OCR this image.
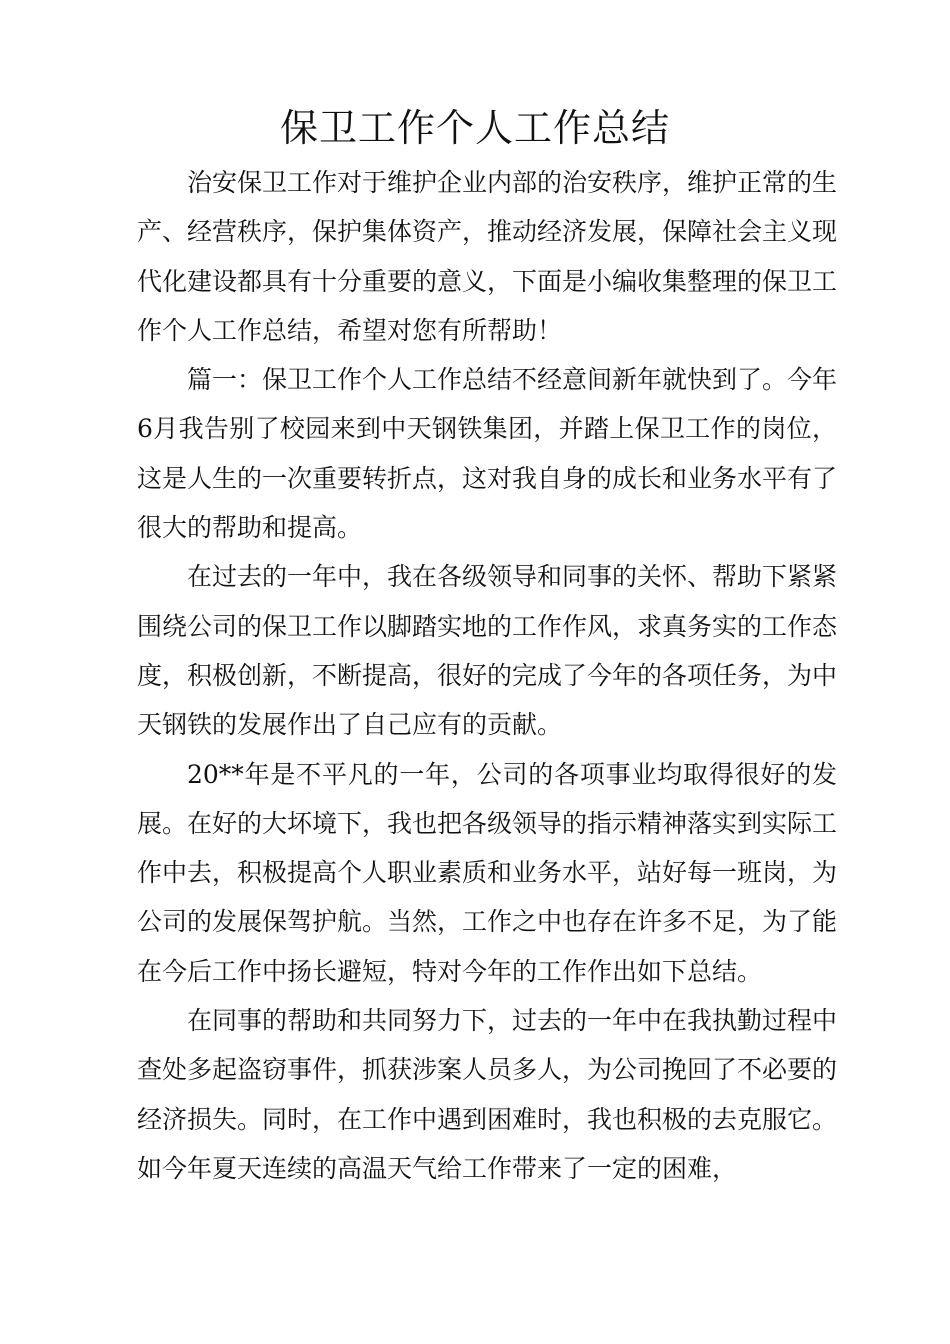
保卫工作个人工作总结

治安保卫工作对于维护企业内部的治安秩序，维护正常的生产、经营秩序，保护集体资产，推动经济发展，保障社会主义现代化建设都具有十分重要的意义，下面是小编收集整理的保卫工作个人工作总结，希望对您有所帮助！

篇一：保卫工作个人工作总结不经意间新年就快到了。今年6月我告别了校园来到中天钢铁集团，并踏上保卫工作的岗位，这是人生的一次重要转折点，这对我自身的成长和业务水平有了很大的帮助和提高。

在过去的一年中，我在各级领导和同事的关怀、帮助下紧紧围绕公司的保卫工作以脚踏实地的工作作风，求真务实的工作态度，积极创新，不断提高，很好的完成了今年的各项任务，为中天钢铁的发展作出了自己应有的贡献。

20**年是不平凡的一年，公司的各项事业均取得很好的发展。在好的大坏境下，我也把各级领导的指示精神落实到实际工作中去，积极提高个人职业素质和业务水平，站好每一班岗，为公司的发展保驾护航。当然，工作之中也存在许多不足，为了能在今后工作中扬长避短，特对今年的工作作出如下总结。

在同事的帮助和共同努力下，过去的一年中在我执勤过程中查处多起盗窃事件，抓获涉案人员多人，为公司挽回了不必要的经济损失。同时，在工作中遇到困难时，我也积极的去克服它。如今年夏天连续的高温天气给工作带来了一定的困难，
